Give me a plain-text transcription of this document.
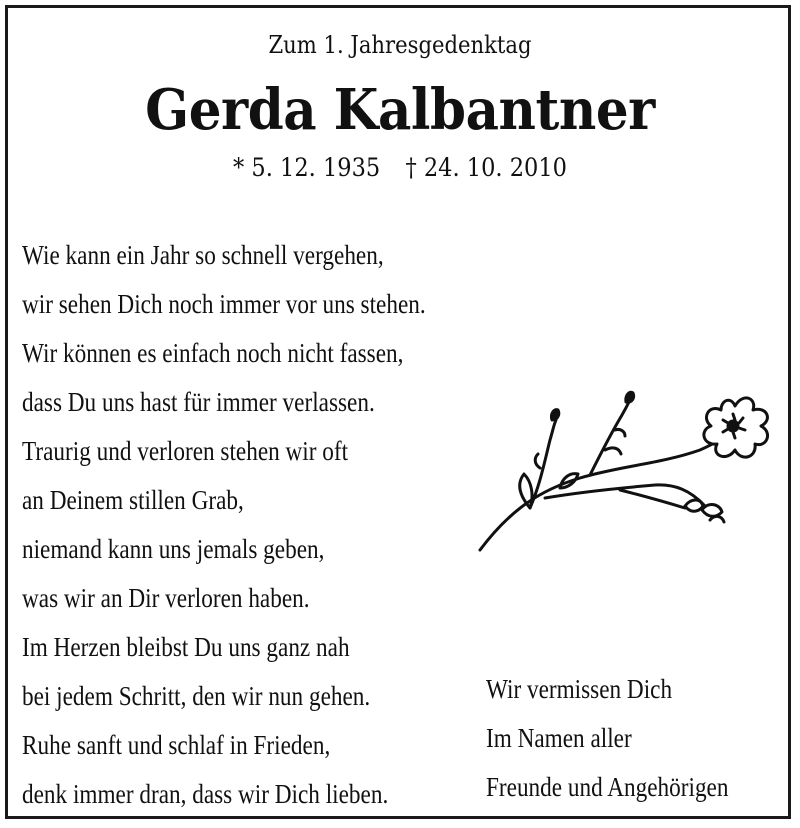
Zum 1. Jahresgedenktag
Gerda Kalbantner
* 5. 12. 1935 † 24. 10. 2010
Wie kann ein Jahr so schnell vergehen,
wir sehen Dich noch immer vor uns stehen.
Wir können es einfach noch nicht fassen,
dass Du uns hast für immer verlassen.
Traurig und verloren stehen wir oft
an Deinem stillen Grab,
niemand kann uns jemals geben,
was wir an Dir verloren haben.
Im Herzen bleibst Du uns ganz nah
bei jedem Schritt, den wir nun gehen.
Ruhe sanft und schlaf in Frieden,
denk immer dran, dass wir Dich lieben.
Wir vermissen Dich
Im Namen aller
Freunde und Angehörigen
